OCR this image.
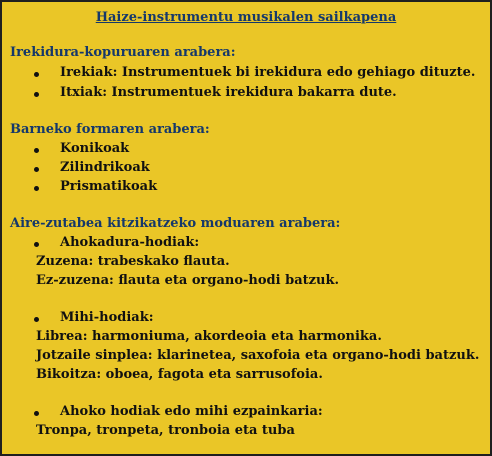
Haize-instrumentu musikalen sailkapena
Irekidura-kopuruaren arabera:
Irekiak: Instrumentuek bi irekidura edo gehiago dituzte.
Itxiak: Instrumentuek irekidura bakarra dute.
Barneko formaren arabera:
Konikoak
Zilindrikoak
Prismatikoak
Aire-zutabea kitzikatzeko moduaren arabera:
Ahokadura-hodiak:
Zuzena: trabeskako flauta.
Ez-zuzena: flauta eta organo-hodi batzuk.
Mihi-hodiak:
Librea: harmoniuma, akordeoia eta harmonika.
Jotzaile sinplea: klarinetea, saxofoia eta organo-hodi batzuk.
Bikoitza: oboea, fagota eta sarrusofoia.
Ahoko hodiak edo mihi ezpainkaria:
Tronpa, tronpeta, tronboia eta tuba
